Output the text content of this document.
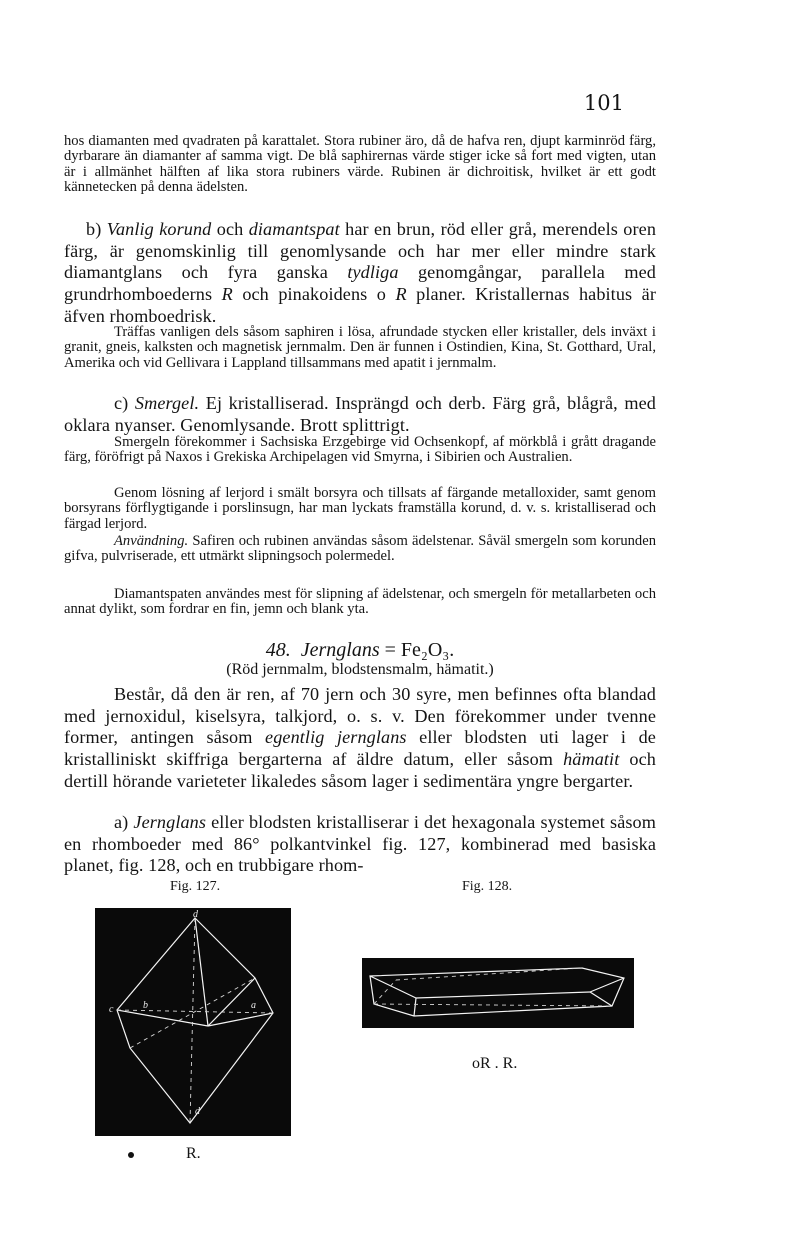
101

hos diamanten med qvadraten på karattalet. Stora rubiner äro, då de hafva ren, djupt karminröd färg, dyrbarare än diamanter af samma vigt. De blå saphirernas värde stiger icke så fort med vigten, utan är i allmänhet hälften af lika stora rubiners värde. Rubinen är dichroitisk, hvilket är ett godt kännetecken på denna ädelsten.

b) Vanlig korund och diamantspat har en brun, röd eller grå, merendels oren färg, är genomskinlig till genomlysande och har mer eller mindre stark diamantglans och fyra ganska tydliga genomgångar, parallela med grundrhomboederns R och pinakoidens o R planer. Kristallernas habitus är äfven rhomboedrisk.

Träffas vanligen dels såsom saphiren i lösa, afrundade stycken eller kristaller, dels inväxt i granit, gneis, kalksten och magnetisk jernmalm. Den är funnen i Ostindien, Kina, St. Gotthard, Ural, Amerika och vid Gellivara i Lappland tillsammans med apatit i jernmalm.

c) Smergel. Ej kristalliserad. Insprängd och derb. Färg grå, blågrå, med oklara nyanser. Genomlysande. Brott splittrigt.

Smergeln förekommer i Sachsiska Erzgebirge vid Ochsenkopf, af mörkblå i grått dragande färg, föröfrigt på Naxos i Grekiska Archipelagen vid Smyrna, i Sibirien och Australien.

Genom lösning af lerjord i smält borsyra och tillsats af färgande metalloxider, samt genom borsyrans förflygtigande i porslinsugn, har man lyckats framställa korund, d. v. s. kristalliserad och färgad lerjord.

Användning. Safiren och rubinen användas såsom ädelstenar. Såväl smergeln som korunden gifva, pulvriserade, ett utmärkt slipningsoch polermedel.

Diamantspaten användes mest för slipning af ädelstenar, och smergeln för metallarbeten och annat dylikt, som fordrar en fin, jemn och blank yta.

48. Jernglans = Fe₂O₃.
(Röd jernmalm, blodstensmalm, hämatit.)

Består, då den är ren, af 70 jern och 30 syre, men befinnes ofta blandad med jernoxidul, kiselsyra, talkjord, o. s. v. Den förekommer under tvenne former, antingen såsom egentlig jernglans eller blodsten uti lager i de kristalliniskt skiffriga bergarterna af äldre datum, eller såsom hämatit och dertill hörande varieteter likaledes såsom lager i sedimentära yngre bergarter.

a) Jernglans eller blodsten kristalliserar i det hexagonala systemet såsom en rhomboeder med 86° polkantvinkel fig. 127, kombinerad med basiska planet, fig. 128, och en trubbigare rhom-

Fig. 127.	Fig. 128.
d
c	b	a
d
R.
oR . R.
